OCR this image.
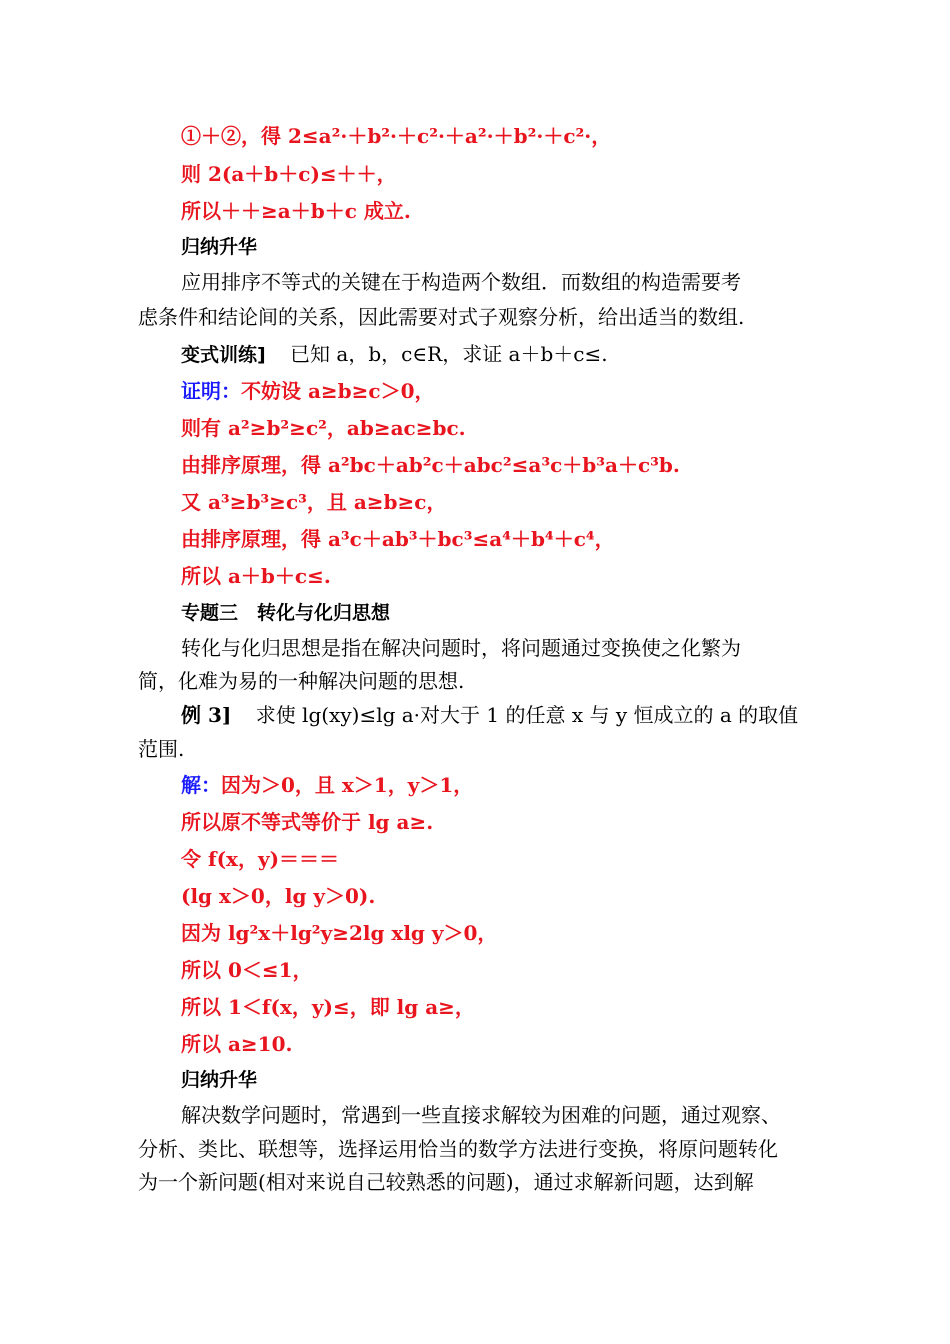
①＋②，得 2≤a²·＋b²·＋c²·＋a²·＋b²·＋c²·，
则 2(a＋b＋c)≤＋＋，
所以＋＋≥a＋b＋c 成立.
归纳升华
应用排序不等式的关键在于构造两个数组．而数组的构造需要考
虑条件和结论间的关系，因此需要对式子观察分析，给出适当的数组.
变式训练] 已知 a，b，c∈R，求证 a＋b＋c≤.
证明：不妨设 a≥b≥c＞0，
则有 a²≥b²≥c²，ab≥ac≥bc.
由排序原理，得 a²bc＋ab²c＋abc²≤a³c＋b³a＋c³b.
又 a³≥b³≥c³，且 a≥b≥c，
由排序原理，得 a³c＋ab³＋bc³≤a⁴＋b⁴＋c⁴，
所以 a＋b＋c≤.
专题三　转化与化归思想
转化与化归思想是指在解决问题时，将问题通过变换使之化繁为
简，化难为易的一种解决问题的思想.
例 3] 求使 lg(xy)≤lg a·对大于 1 的任意 x 与 y 恒成立的 a 的取值
范围.
解：因为＞0，且 x＞1，y＞1，
所以原不等式等价于 lg a≥.
令 f(x，y)＝＝＝
(lg x＞0，lg y＞0).
因为 lg²x＋lg²y≥2lg xlg y＞0，
所以 0＜≤1，
所以 1＜f(x，y)≤，即 lg a≥，
所以 a≥10.
归纳升华
解决数学问题时，常遇到一些直接求解较为困难的问题，通过观察、
分析、类比、联想等，选择运用恰当的数学方法进行变换，将原问题转化
为一个新问题(相对来说自己较熟悉的问题)，通过求解新问题，达到解
